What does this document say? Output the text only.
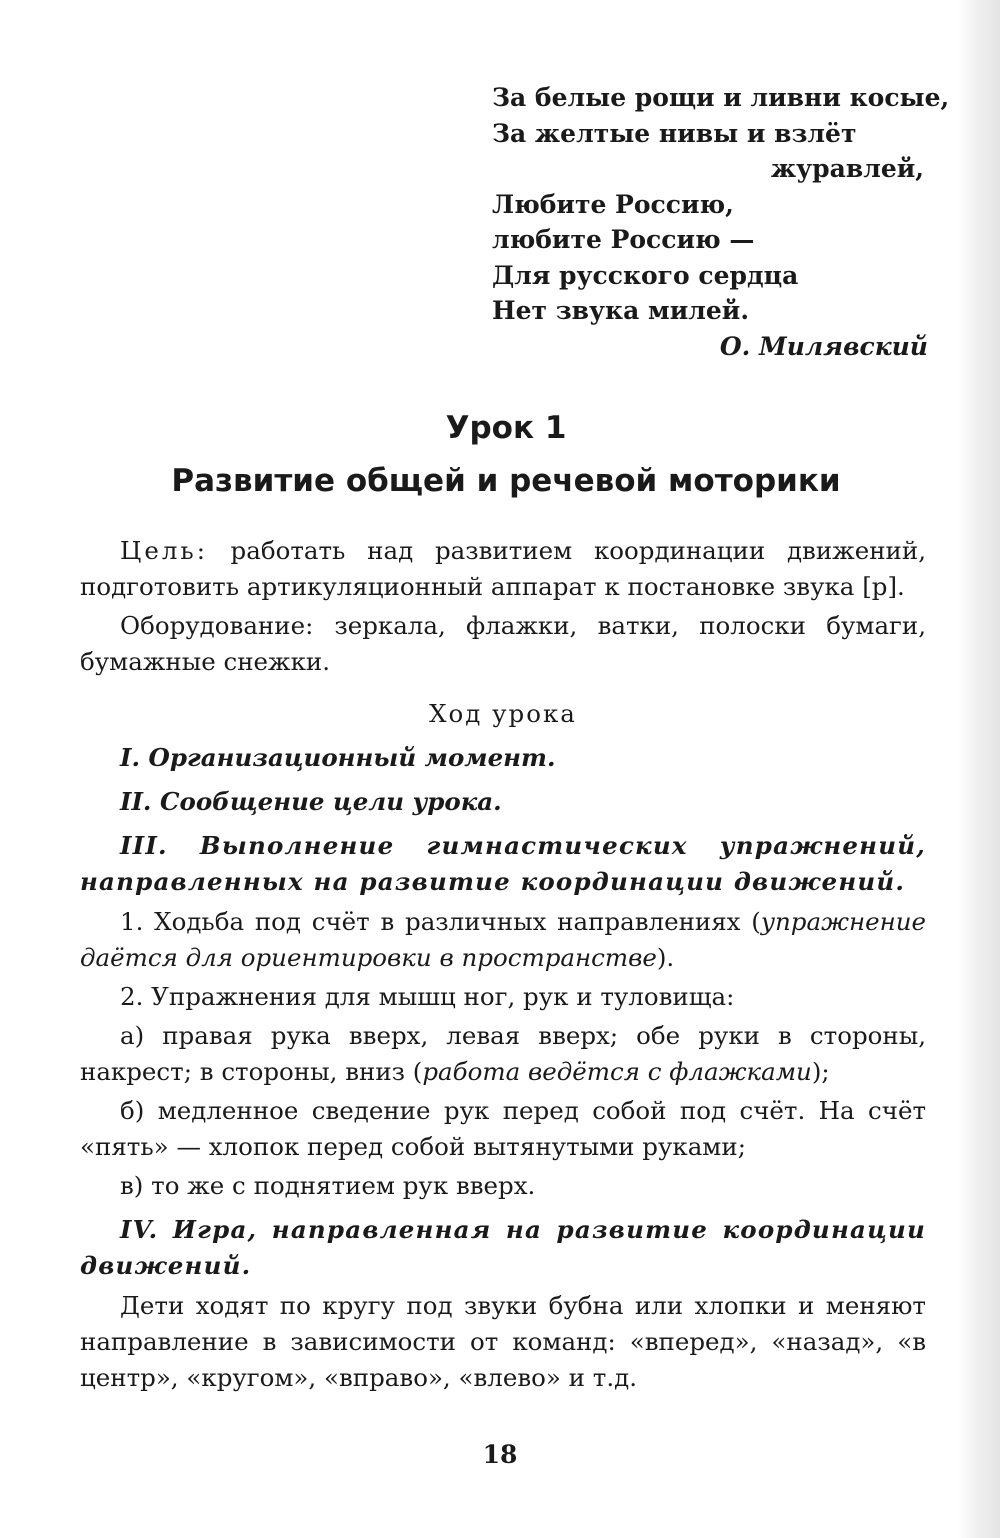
За белые рощи и ливни косые,
За желтые нивы и взлёт
журавлей,
Любите Россию,
любите Россию —
Для русского сердца
Нет звука милей.
О. Милявский
Урок 1
Развитие общей и речевой моторики

Цель: работать над развитием координации движений, подготовить артикуляционный аппарат к постановке звука [р].

Оборудование: зеркала, флажки, ватки, полоски бумаги, бумажные снежки.

Ход урока

I. Организационный момент.

II. Сообщение цели урока.

III. Выполнение гимнастических упражнений, направленных на развитие координации движений.

1. Ходьба под счёт в различных направлениях (упражнение даётся для ориентировки в пространстве).

2. Упражнения для мышц ног, рук и туловища:

а) правая рука вверх, левая вверх; обе руки в стороны, накрест; в стороны, вниз (работа ведётся с флажками);

б) медленное сведение рук перед собой под счёт. На счёт «пять» — хлопок перед собой вытянутыми руками;

в) то же с поднятием рук вверх.

IV. Игра, направленная на развитие координации движений.

Дети ходят по кругу под звуки бубна или хлопки и меняют направление в зависимости от команд: «вперед», «назад», «в центр», «кругом», «вправо», «влево» и т.д.

18
